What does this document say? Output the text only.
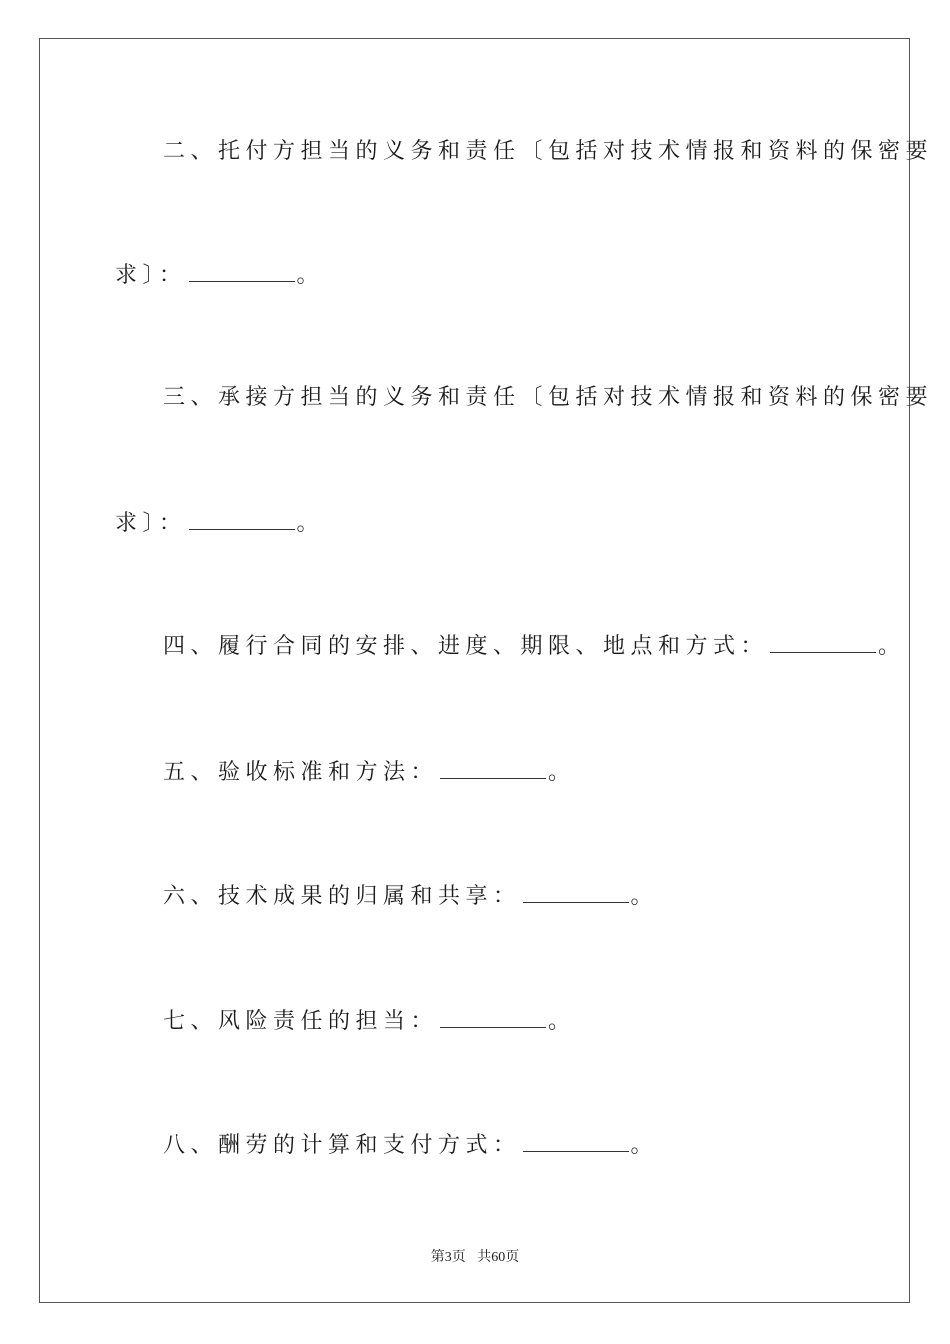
二、托付方担当的义务和责任〔包括对技术情报和资料的保密要
求〕：	。
三、承接方担当的义务和责任〔包括对技术情报和资料的保密要
求〕：	。
四、履行合同的安排、进度、期限、地点和方式：	。
五、验收标准和方法：	。
六、技术成果的归属和共享：	。
七、风险责任的担当：	。
八、酬劳的计算和支付方式：	。
第3页 共60页
